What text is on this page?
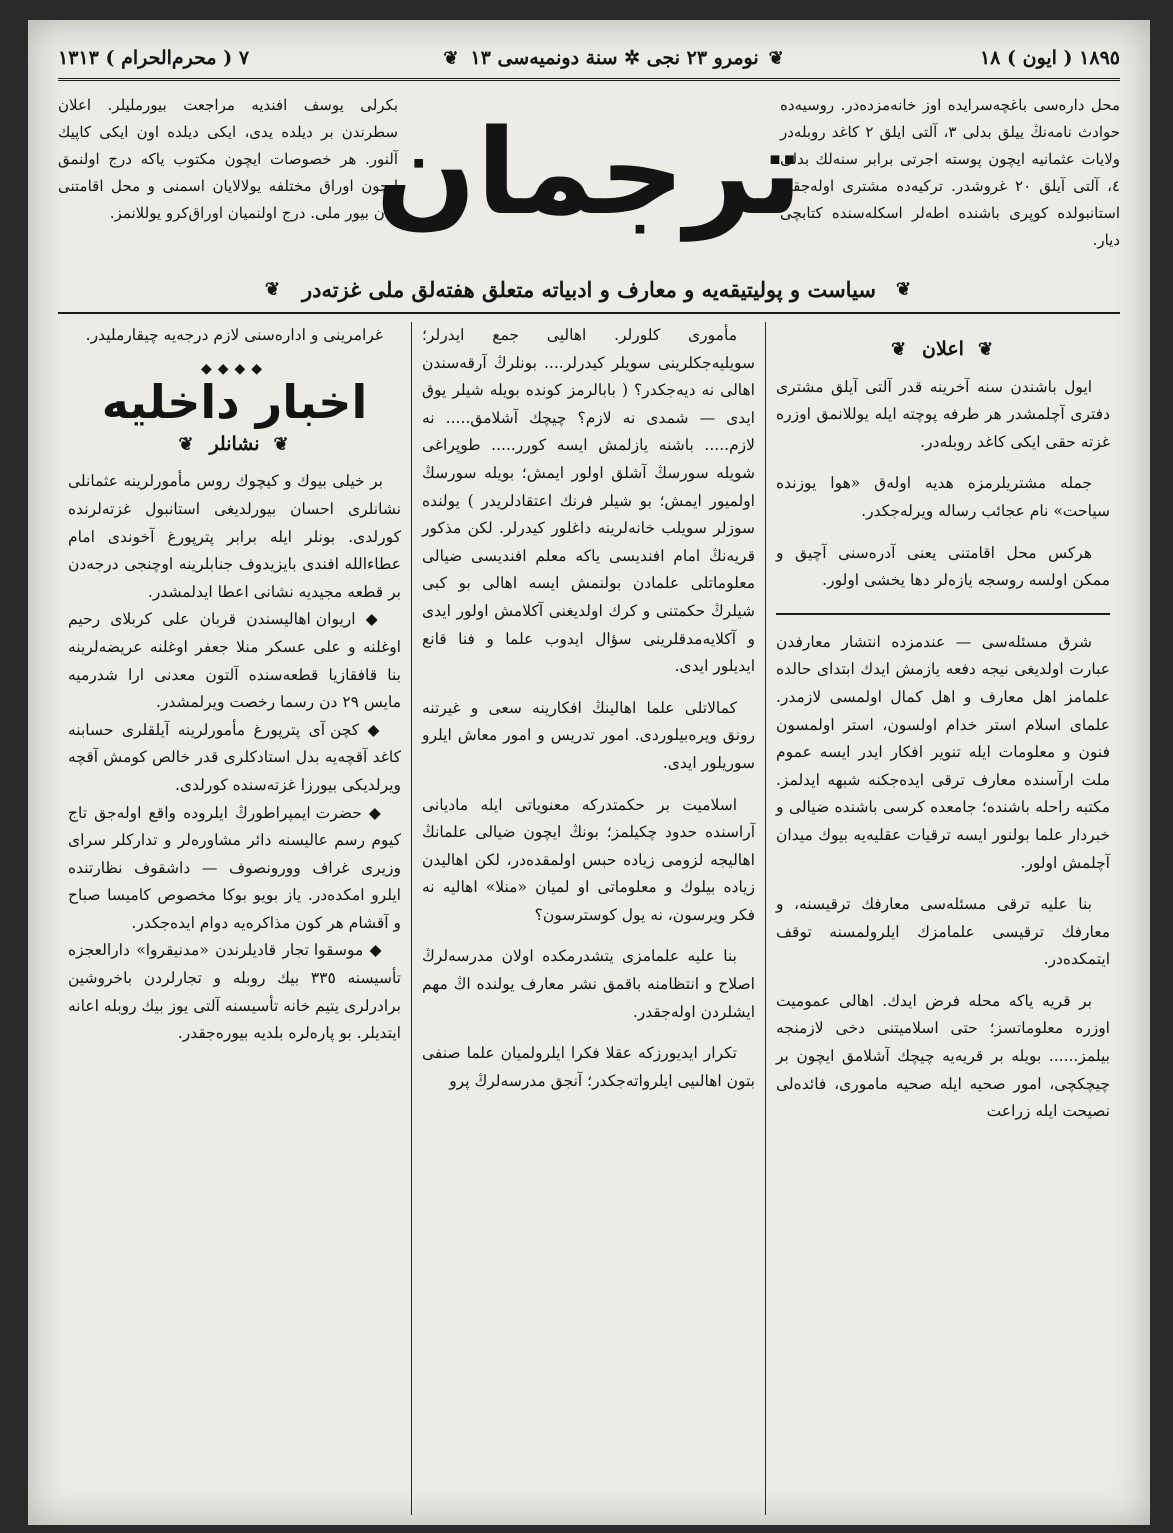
١٨٩٥ ( ايون ) ١٨
❦
نومرو ٢٣ نجى ✲ سنة دونميه‌سى ١٣
❦
٧ ( محرم‌الحرام ) ١٣١٣
محل دارەسى باغچه‌سرايده اوز خانه‌مزده‌در. روسيه‌ده حوادث نامه‌نڭ ييلق بدلى ٣، آلتى ايلق ٢ كاغد روبله‌در ولايات عثمانيه ايچون پوسته اجرتى برابر سنه‌لك بدلى ٤، آلتى آيلق ٢٠ غروشدر. تركيه‌ده مشترى اوله‌جقلر استانبولده كوپرى باشنده اطه‌لر اسكله‌سنده كتابچى ديار.
ترجمان
بكرلى يوسف افنديه مراجعت بيورمليلر. اعلان سطرندن بر ديلده يدى، ايكى ديلده اون ايكى كاپيك آلنور. هر خصوصات ايچون مكتوب ياكه درج اولنمق ايچون اوراق مختلفه يولالايان اسمنى و محل اقامتنى بيان بيور ملى. درج اولنميان اوراق‌كرو يوللانمز.
❦
سياست و پوليتيقه‌يه و معارف و ادبياته متعلق هفته‌لق ملى غزته‌در
❦
❦
اعلان
❦

ايول باشندن سنه آخرينه قدر آلتى آيلق مشترى دفترى آچلمشدر هر طرفه پوچته ايله يوللانمق اوزره غزته حقى ايكى كاغد روبله‌در.

جمله مشتريلرمزه هديه اولەق «هوا يوزنده سياحت» نام عجائب رساله ويرله‌جكدر.

هركس محل اقامتنى يعنى آدره‌سنى آچيق و ممكن اولسه روسجه يازه‌لر دها يخشى اولور.

شرق مسئله‌سى — عندمزده انتشار معارفدن عبارت اولديغى نيجه دفعه يازمش ايدك ابتداى حالده علمامز اهل معارف و اهل كمال اولمسى لازمدر. علماى اسلام استر خدام اولسون، استر اولمسون فنون و معلومات ايله تنوير افكار ايدر ايسه عموم ملت ارآسنده معارف ترقى ايده‌جكنه شبهه ايدلمز. مكتبه راحله باشنده؛ جامعده كرسى باشنده ضيالى و خبردار علما بولنور ايسه ترقيات عقليه‌يه بيوك ميدان آچلمش اولور.

بنا عليه ترقى مسئله‌سى معارفك ترقيسنه، و معارفك ترقيسى علمامزك ايلرولمسنه توقف ايتمكده‌در.

بر قريه ياكه محله فرض ايدك. اهالى عموميت اوزره معلوماتسز؛ حتى اسلاميتنى دخى لازمنجه بيلمز...... بويله بر قريه‌يه چيچك آشلامق ايچون بر چيچكچى، امور صحيه ايله صحيه مامورى، فائده‌لى نصيحت ايله زراعت

مأمورى كلورلر. اهاليى جمع ايدرلر؛ سويليه‌جكلرينى سويلر كيدرلر.... بونلرڭ آرقه‌سندن اهالى نه ديه‌جكدر؟ ( بابالرمز كونده بويله شيلر يوق ايدى — شمدى نه لازم؟ چيچك آشلامق..... نه لازم..... باشنه يازلمش ايسه كورر..... طوپراغى شويله سورسڭ آشلق اولور ايمش؛ بويله سورسڭ اولميور ايمش؛ بو شيلر فرنك اعتقادلريدر ) يولنده سوزلر سويلب خانه‌لرينه داغلور كيدرلر. لكن مذكور قريه‌نڭ امام افنديسى ياكه معلم افنديسى ضيالى معلوماتلى علمادن بولنمش ايسه اهالى بو كبى شيلرڭ حكمتنى و كرك اولديغنى آكلامش اولور ايدى و آكلايه‌مدقلرينى سؤال ايدوب علما و فنا قانع ايديلور ايدى.

كمالاتلى علما اهالينڭ افكارينه سعى و غيرتنه رونق ويره‌بيلوردى. امور تدريس و امور معاش ايلرو سوريلور ايدى.

اسلاميت بر حكمتدركه معنوياتى ايله ماديانى آراسنده حدود چكيلمز؛ بونڭ ايچون ضيالى علمانڭ اهاليجه لزومى زياده حبس اولمقده‌در، لكن اهاليدن زياده بيلوك و معلوماتى او لميان «منلا» اهاليه نه فكر ويرسون، نه يول كوسترسون؟

بنا عليه علمامزى يتشدرمكده اولان مدرسه‌لرڭ اصلاح و انتظامنه باقمق نشر معارف يولنده اڭ مهم ايشلردن اوله‌جقدر.

تكرار ايديورزكه عقلا فكرا ايلرولميان علما صنفى بتون اهالىيى ايلرواته‌جكدر؛ آنجق مدرسه‌لرڭ پرو

غرامرينى و اداره‌سنى لازم درجه‌يه چيقارمليدر.

◆◆◆◆
اخبار داخليه
❦
نشانلر
❦

بر خيلى بيوك و كيچوك روس مأمورلرينه عثمانلى نشانلرى احسان بيورلديغى استانبول غزته‌لرنده كورلدى. بونلر ايله برابر پترپورغ آخوندى امام عطاءالله افندى بايزيدوف جنابلرينه اوچنجى درجه‌دن بر قطعه مجيديه نشانى اعطا ايدلمشدر.

◆ اريوان اهاليسندن قربان على كربلاى رحيم اوغلنه و على عسكر منلا جعفر اوغلنه عريضه‌لرينه بنا قافقازيا قطعه‌سنده آلتون معدنى ارا شدرميه مايس ٢٩ دن رسما رخصت ويرلمشدر.

◆ كچن آى پترپورغ مأمورلرينه آيلقلرى حسابنه كاغد آقچه‌يه بدل استادكلرى قدر خالص كومش آقچه ويرلديكى بيورزا غزته‌سنده كورلدى.

◆ حضرت ايمپراطورڭ ايلروده واقع اوله‌جق تاج كيوم رسم عاليسنه دائر مشاوره‌لر و تداركلر سراى وزيرى غراف وورونصوف — داشقوف نظارتنده ايلرو امكده‌در. ياز بويو بوكا مخصوص كاميسا صباح و آقشام هر كون مذاكره‌يه دوام ايده‌جكدر.

◆ موسقوا تجار قاديلرندن «مدنيقروا» دارالعجزه تأسيسنه ٣٣٥ بيك روبله و تجارلردن باخروشين برادرلرى يتيم خانه تأسيسنه آلتى يوز بيك روبله اعانه ايتديلر. بو پاره‌لره بلديه بيوره‌جقدر.
